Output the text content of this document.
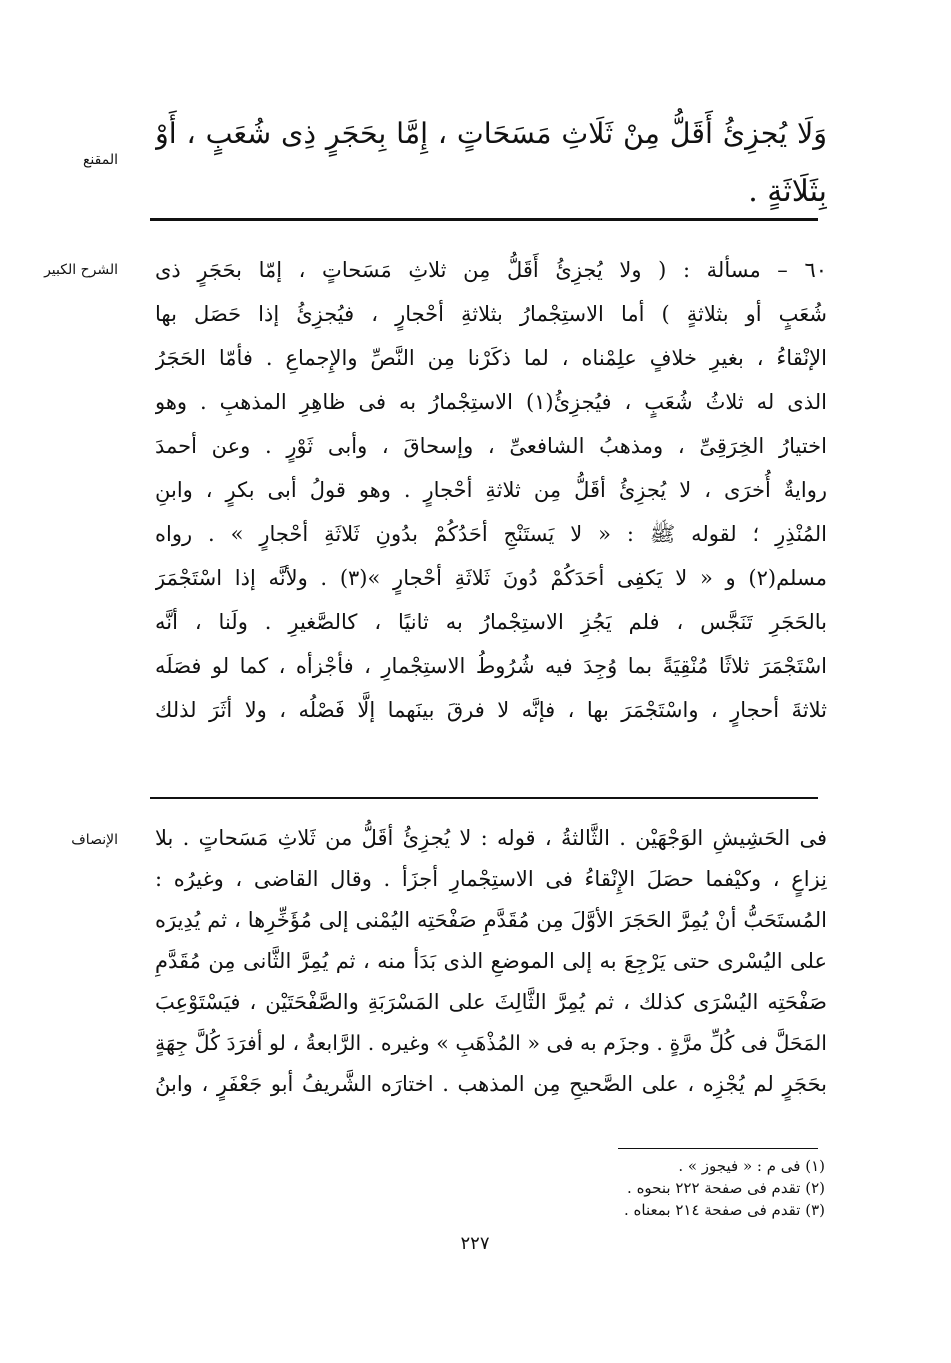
المقنع
وَلَا يُجزِئُ أَقَلُّ مِنْ ثَلَاثِ مَسَحَاتٍ ، إِمَّا بِحَجَرٍ ذِى شُعَبٍ ، أَوْ
بِثَلَاثَةٍ .
الشرح الكبير ٦٠ – مسألة : ( ولا يُجزِئُ أَقَلُّ مِن ثلاثِ مَسَحاتٍ ، إمّا بحَجَرٍ ذى
شُعَبٍ أو بثلاثةٍ ) أما الاستِجْمارُ بثلاثةِ أحْجارٍ ، فيُجزِئُ إذا حَصَل بها
الإنْقاءُ ، بغيرِ خلافٍ علِمْناه ، لما ذكَرْنا مِن النَّصِّ والإِجماعِ . فأمّا الحَجَرُ
الذى له ثلاثُ شُعَبٍ ، فيُجزِئُ(١) الاستِجْمارُ به فى ظاهِرِ المذهبِ . وهو
اختيارُ الخِرَقِىِّ ، ومذهبُ الشافعىِّ ، وإسحاقَ ، وأبى ثَوْرٍ . وعن أحمدَ
روايةٌ أُخرَى ، لا يُجزِئُ أقَلُّ مِن ثلاثةِ أحْجارٍ . وهو قولُ أبى بكرٍ ، وابنِ
المُنْذِرِ ؛ لقوله ﷺ : « لا يَستَنْجِ أحَدُكُمْ بدُونِ ثَلاثَةِ أحْجارٍ » . رواه
مسلم(٢) و « لا يَكفِى أحَدَكُمْ دُونَ ثَلاثَةِ أحْجارٍ »(٣) . ولأنَّه إذا اسْتَجْمَرَ
بالحَجَرِ تَنَجَّس ، فلم يَجُزِ الاستِجْمارُ به ثانيًا ، كالصَّغيرِ . ولَنا ، أنَّه
اسْتَجْمَرَ ثلاثًا مُنْقِيَةً بما وُجِدَ فيه شُرُوطُ الاستِجْمارِ ، فأجْزأه ، كما لو فصَلَه
ثلاثةَ أحجارٍ ، واسْتَجْمَرَ بها ، فإنَّه لا فرقَ بينَهما إلَّا فَصْلُه ، ولا أثَرَ لذلك
الإنصاف فى الحَشِيشِ الوَجْهَيْن . الثَّالثةُ ، قوله : لا يُجزِئُ أقَلُّ من ثَلاثِ مَسَحاتٍ . بلا
نِزاعٍ ، وكيْفما حصَلَ الإِنْقاءُ فى الاستِجْمارِ أجزَأ . وقال القاضى ، وغيرُه :
المُستَحَبُّ أنْ يُمِرَّ الحَجَرَ الأوَّلَ مِن مُقَدَّمِ صَفْحَتِه اليُمْنى إلى مُؤَخِّرِها ، ثم يُدِيرَه
على اليُسْرى حتى يَرْجِعَ به إلى الموضعِ الذى بَدَأ منه ، ثم يُمِرَّ الثَّانى مِن مُقَدَّمِ
صَفْحَتِه اليُسْرَى كذلك ، ثم يُمِرَّ الثَّالِثَ على المَسْرَبَةِ والصَّفْحَتَيْن ، فيَسْتَوْعِبَ
المَحَلَّ فى كُلِّ مرَّةٍ . وجزَم به فى « المُذْهَبِ » وغيره . الرَّابعةُ ، لو أفرَدَ كُلَّ جِهَةٍ
بحَجَرٍ لم يُجْزِه ، على الصَّحيحِ مِن المذهب . اختارَه الشَّريفُ أبو جَعْفَرٍ ، وابنُ
(١) فى م : « فيجوز » .
(٢) تقدم فى صفحة ٢٢٢ بنحوه .
(٣) تقدم فى صفحة ٢١٤ بمعناه .
٢٢٧
